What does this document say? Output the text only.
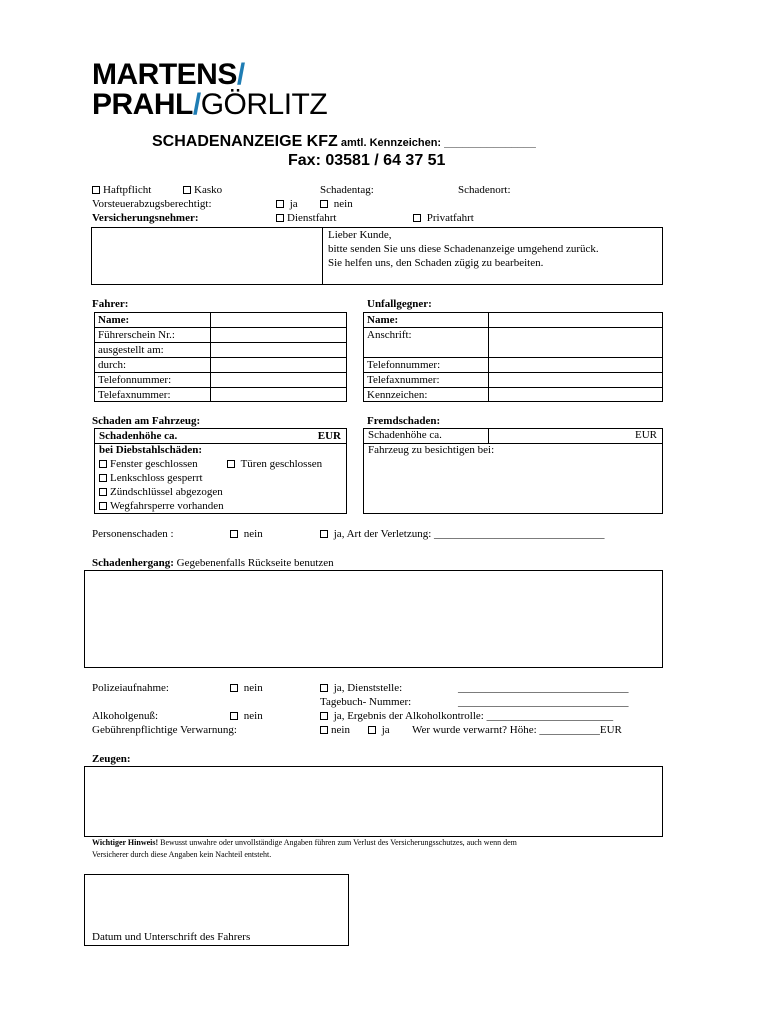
MARTENS/
PRAHL/GÖRLITZ
SCHADENANZEIGE KFZ amtl. Kennzeichen: _______________
Fax: 03581 / 64 37 51
Haftpflicht	Kasko	Schadentag:	Schadenort:
Vorsteuerabzugsberechtigt:	ja	nein
Versicherungsnehmer:	Dienstfahrt	Privatfahrt
Lieber Kunde,
bitte senden Sie uns diese Schadenanzeige umgehend zurück.
Sie helfen uns, den Schaden zügig zu bearbeiten.
Fahrer:
Name:
Führerschein Nr.:
ausgestellt am:
durch:
Telefonnummer:
Telefaxnummer:
Unfallgegner:
Name:
Anschrift:
Telefonnummer:
Telefaxnummer:
Kennzeichen:
Schaden am Fahrzeug:
Schadenhöhe ca.	EUR
bei Diebstahlschäden:
Fenster geschlossen	Türen geschlossen
Lenkschloss gesperrt
Zündschlüssel abgezogen
Wegfahrsperre vorhanden
Fremdschaden:
Schadenhöhe ca.	EUR
Fahrzeug zu besichtigen bei:
Personenschaden :	nein	ja, Art der Verletzung: _______________________________
Schadenhergang: Gegebenenfalls Rückseite benutzen
Polizeiaufnahme:	nein	ja, Dienststelle:	_______________________________
Tagebuch- Nummer:	_______________________________
Alkoholgenuß:	nein	ja, Ergebnis der Alkoholkontrolle: _______________________
Gebührenpflichtige Verwarnung:	nein	ja Wer wurde verwarnt? Höhe: ___________EUR
Zeugen:
Wichtiger Hinweis! Bewusst unwahre oder unvollständige Angaben führen zum Verlust des Versicherungsschutzes, auch wenn dem
Versicherer durch diese Angaben kein Nachteil entsteht.
Datum und Unterschrift des Fahrers
